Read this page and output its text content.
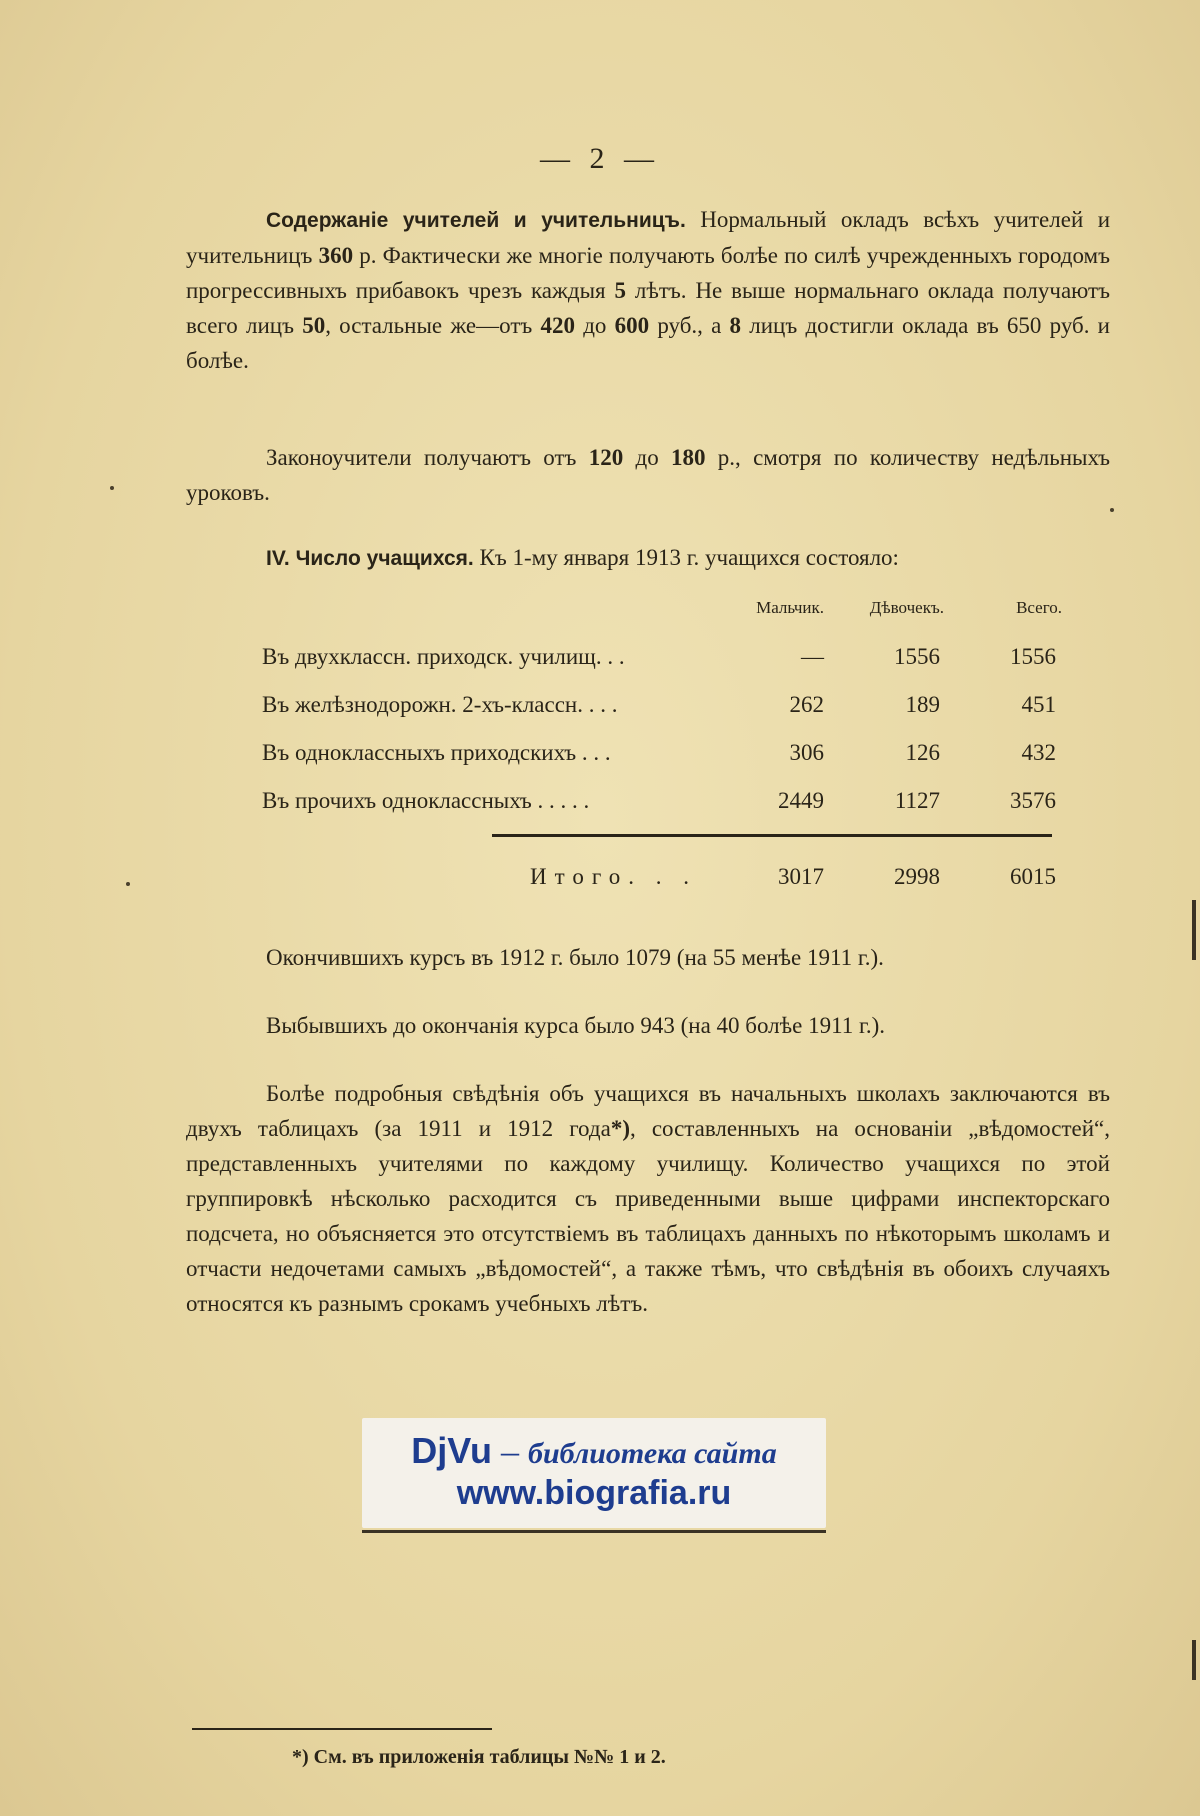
— 2 —
Содержанiе учителей и учительницъ. Нормальный окладъ всѣхъ учителей и учительницъ 360 р. Фактически же многiе получають болѣе по силѣ учрежденныхъ городомъ прогрессивныхъ прибавокъ чрезъ каждыя 5 лѣтъ. Не выше нормальнаго оклада получаютъ всего лицъ 50, остальные же—отъ 420 до 600 руб., а 8 лицъ достигли оклада въ 650 руб. и болѣе.
Законоучители получаютъ отъ 120 до 180 р., смотря по количеству недѣльныхъ уроковъ.
IV. Число учащихся. Къ 1-му января 1913 г. учащихся состояло:
Мальчик.	Дѣвочекъ.	Всего.
Въ двухклассн. приходск. училищ. . .	—	1556	1556
Въ желѣзнодорожн. 2-хъ-классн. . . .	262	189	451
Въ одноклассныхъ приходскихъ . . .	306	126	432
Въ прочихъ одноклассныхъ . . . . .	2449	1127	3576
Итого. . .	3017	2998	6015
Окончившихъ курсъ въ 1912 г. было 1079 (на 55 менѣе 1911 г.).
Выбывшихъ до окончанiя курса было 943 (на 40 болѣе 1911 г.).
Болѣе подробныя свѣдѣнiя объ учащихся въ начальныхъ школахъ заключаются въ двухъ таблицахъ (за 1911 и 1912 года*), составленныхъ на основанiи „вѣдомостей“, представленныхъ учителями по каждому училищу. Количество учащихся по этой группировкѣ нѣсколько расходится съ приведенными выше цифрами инспекторскаго подсчета, но объясняется это отсутствiемъ въ таблицахъ данныхъ по нѣкоторымъ школамъ и отчасти недочетами самыхъ „вѣдомостей“, а также тѣмъ, что свѣдѣнiя въ обоихъ случаяхъ относятся къ разнымъ срокамъ учебныхъ лѣтъ.
DjVu – библиотека сайта
www.biografia.ru
*) См. въ приложенiя таблицы №№ 1 и 2.
